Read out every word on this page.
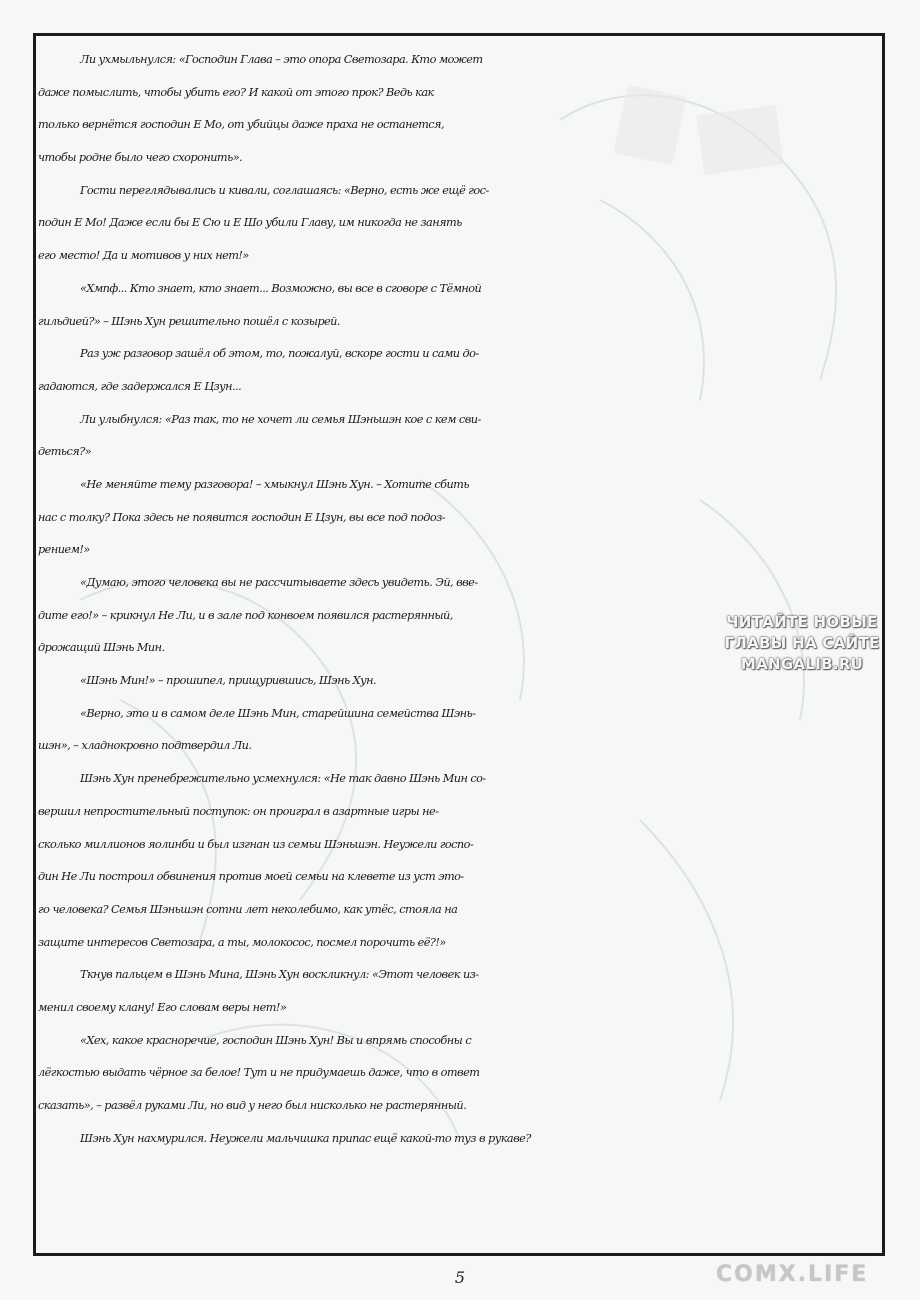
Ли ухмыльнулся: «Господин Глава – это опора Светозара. Кто может
даже помыслить, чтобы убить его? И какой от этого прок? Ведь как
только вернётся господин Е Мо, от убийцы даже праха не останется,
чтобы родне было чего схоронить».
Гости переглядывались и кивали, соглашаясь: «Верно, есть же ещё гос-
подин Е Мо! Даже если бы Е Сю и Е Шо убили Главу, им никогда не занять
его место! Да и мотивов у них нет!»
«Хмпф... Кто знает, кто знает... Возможно, вы все в сговоре с Тёмной
гильдией?» – Шэнь Хун решительно пошёл с козырей.
Раз уж разговор зашёл об этом, то, пожалуй, вскоре гости и сами до-
гадаются, где задержался Е Цзун...
Ли улыбнулся: «Раз так, то не хочет ли семья Шэньшэн кое с кем сви-
деться?»
«Не меняйте тему разговора! – хмыкнул Шэнь Хун. – Хотите сбить
нас с толку? Пока здесь не появится господин Е Цзун, вы все под подоз-
рением!»
«Думаю, этого человека вы не рассчитываете здесь увидеть. Эй, вве-
дите его!» – крикнул Не Ли, и в зале под конвоем появился растерянный,
дрожащий Шэнь Мин.
«Шэнь Мин!» – прошипел, прищурившись, Шэнь Хун.
«Верно, это и в самом деле Шэнь Мин, старейшина семейства Шэнь-
шэн», – хладнокровно подтвердил Ли.
Шэнь Хун пренебрежительно усмехнулся: «Не так давно Шэнь Мин со-
вершил непростительный поступок: он проиграл в азартные игры не-
сколько миллионов яолинби и был изгнан из семьи Шэньшэн. Неужели госпо-
дин Не Ли построил обвинения против моей семьи на клевете из уст это-
го человека? Семья Шэньшэн сотни лет неколебимо, как утёс, стояла на
защите интересов Светозара, а ты, молокосос, посмел порочить её?!»
Ткнув пальцем в Шэнь Мина, Шэнь Хун воскликнул: «Этот человек из-
менил своему клану! Его словам веры нет!»
«Хех, какое красноречие, господин Шэнь Хун! Вы и впрямь способны с
лёгкостью выдать чёрное за белое! Тут и не придумаешь даже, что в ответ
сказать», – развёл руками Ли, но вид у него был нисколько не растерянный.
Шэнь Хун нахмурился. Неужели мальчишка припас ещё какой-то туз в рукаве?
ЧИТАЙТЕ НОВЫЕ
ГЛАВЫ НА САЙТЕ
MANGALIB.RU
5	COMX.LIFE
